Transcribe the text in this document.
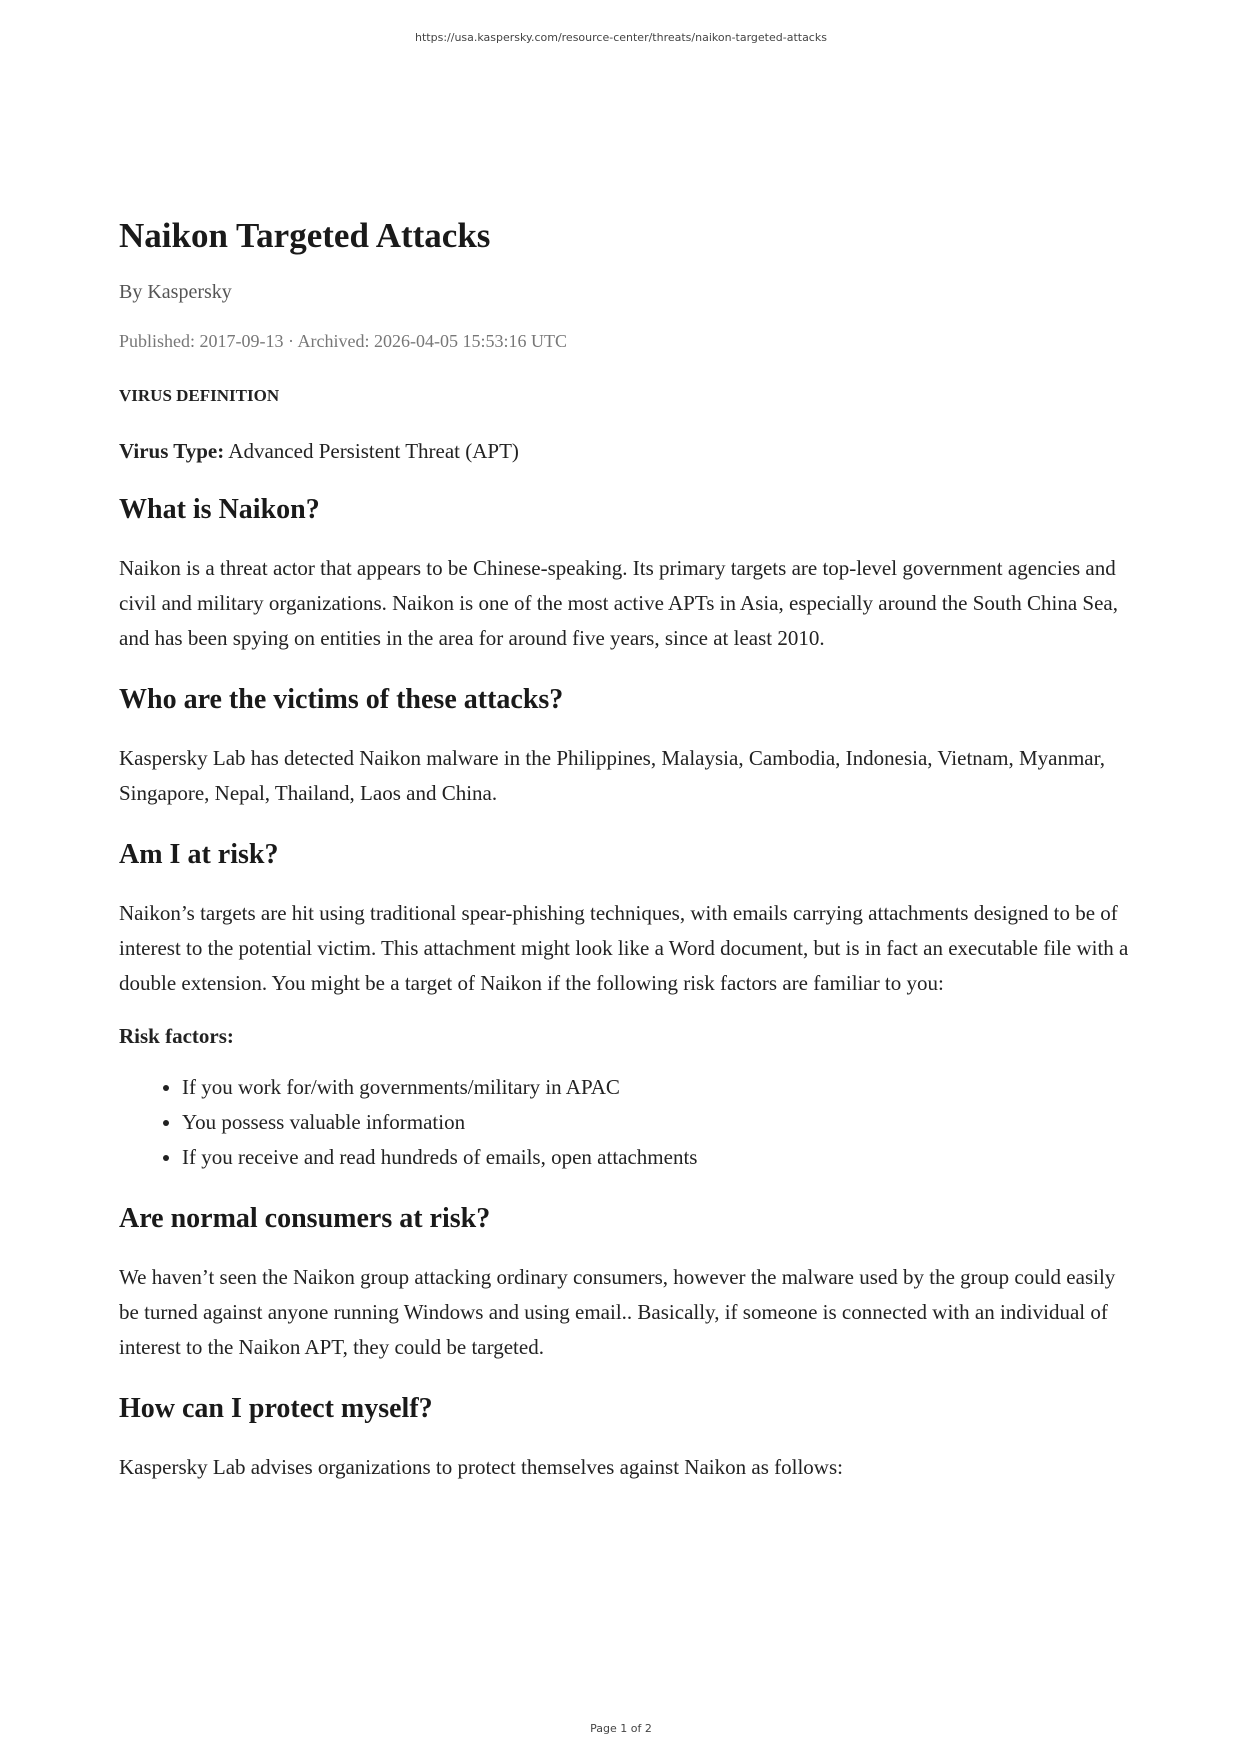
https://usa.kaspersky.com/resource-center/threats/naikon-targeted-attacks
Naikon Targeted Attacks
By Kaspersky
Published: 2017-09-13 · Archived: 2026-04-05 15:53:16 UTC
VIRUS DEFINITION
Virus Type: Advanced Persistent Threat (APT)
What is Naikon?

Naikon is a threat actor that appears to be Chinese-speaking. Its primary targets are top-level government agencies and civil and military organizations. Naikon is one of the most active APTs in Asia, especially around the South China Sea, and has been spying on entities in the area for around five years, since at least 2010.

Who are the victims of these attacks?

Kaspersky Lab has detected Naikon malware in the Philippines, Malaysia, Cambodia, Indonesia, Vietnam, Myanmar, Singapore, Nepal, Thailand, Laos and China.

Am I at risk?

Naikon’s targets are hit using traditional spear-phishing techniques, with emails carrying attachments designed to be of interest to the potential victim. This attachment might look like a Word document, but is in fact an executable file with a double extension. You might be a target of Naikon if the following risk factors are familiar to you:

Risk factors:
• If you work for/with governments/military in APAC
• You possess valuable information
• If you receive and read hundreds of emails, open attachments
Are normal consumers at risk?

We haven’t seen the Naikon group attacking ordinary consumers, however the malware used by the group could easily be turned against anyone running Windows and using email.. Basically, if someone is connected with an individual of interest to the Naikon APT, they could be targeted.

How can I protect myself?

Kaspersky Lab advises organizations to protect themselves against Naikon as follows:

Page 1 of 2
